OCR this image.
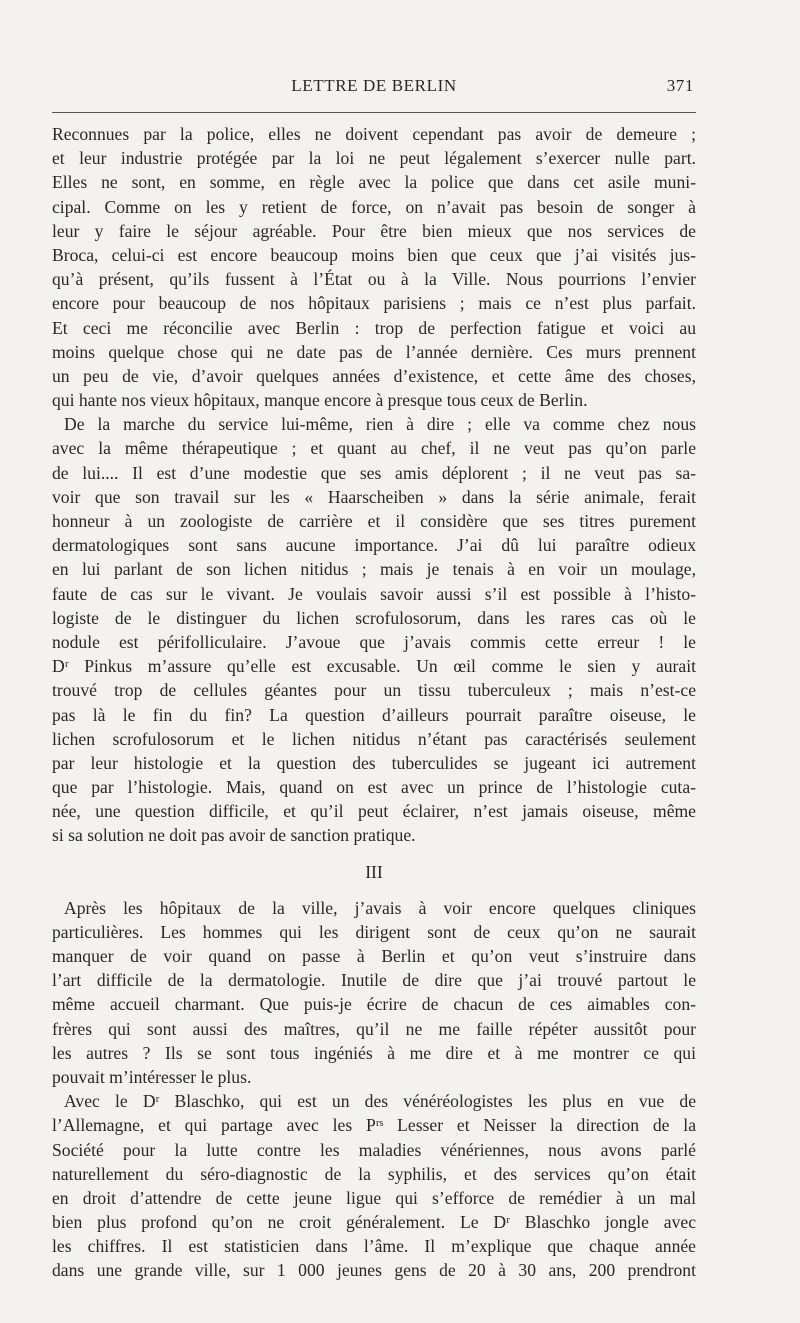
LETTRE DE BERLIN	371
Reconnues par la police, elles ne doivent cependant pas avoir de demeure ;
et leur industrie protégée par la loi ne peut légalement s’exercer nulle part.
Elles ne sont, en somme, en règle avec la police que dans cet asile muni-
cipal. Comme on les y retient de force, on n’avait pas besoin de songer à
leur y faire le séjour agréable. Pour être bien mieux que nos services de
Broca, celui-ci est encore beaucoup moins bien que ceux que j’ai visités jus-
qu’à présent, qu’ils fussent à l’État ou à la Ville. Nous pourrions l’envier
encore pour beaucoup de nos hôpitaux parisiens ; mais ce n’est plus parfait.
Et ceci me réconcilie avec Berlin : trop de perfection fatigue et voici au
moins quelque chose qui ne date pas de l’année dernière. Ces murs prennent
un peu de vie, d’avoir quelques années d’existence, et cette âme des choses,
qui hante nos vieux hôpitaux, manque encore à presque tous ceux de Berlin.
De la marche du service lui-même, rien à dire ; elle va comme chez nous
avec la même thérapeutique ; et quant au chef, il ne veut pas qu’on parle
de lui.... Il est d’une modestie que ses amis déplorent ; il ne veut pas sa-
voir que son travail sur les « Haarscheiben » dans la série animale, ferait
honneur à un zoologiste de carrière et il considère que ses titres purement
dermatologiques sont sans aucune importance. J’ai dû lui paraître odieux
en lui parlant de son lichen nitidus ; mais je tenais à en voir un moulage,
faute de cas sur le vivant. Je voulais savoir aussi s’il est possible à l’histo-
logiste de le distinguer du lichen scrofulosorum, dans les rares cas où le
nodule est périfolliculaire. J’avoue que j’avais commis cette erreur ! le
Dʳ Pinkus m’assure qu’elle est excusable. Un œil comme le sien y aurait
trouvé trop de cellules géantes pour un tissu tuberculeux ; mais n’est-ce
pas là le fin du fin? La question d’ailleurs pourrait paraître oiseuse, le
lichen scrofulosorum et le lichen nitidus n’étant pas caractérisés seulement
par leur histologie et la question des tuberculides se jugeant ici autrement
que par l’histologie. Mais, quand on est avec un prince de l’histologie cuta-
née, une question difficile, et qu’il peut éclairer, n’est jamais oiseuse, même
si sa solution ne doit pas avoir de sanction pratique.
III
Après les hôpitaux de la ville, j’avais à voir encore quelques cliniques
particulières. Les hommes qui les dirigent sont de ceux qu’on ne saurait
manquer de voir quand on passe à Berlin et qu’on veut s’instruire dans
l’art difficile de la dermatologie. Inutile de dire que j’ai trouvé partout le
même accueil charmant. Que puis-je écrire de chacun de ces aimables con-
frères qui sont aussi des maîtres, qu’il ne me faille répéter aussitôt pour
les autres ? Ils se sont tous ingéniés à me dire et à me montrer ce qui
pouvait m’intéresser le plus.
Avec le Dʳ Blaschko, qui est un des vénéréologistes les plus en vue de
l’Allemagne, et qui partage avec les Pʳˢ Lesser et Neisser la direction de la
Société pour la lutte contre les maladies vénériennes, nous avons parlé
naturellement du séro-diagnostic de la syphilis, et des services qu’on était
en droit d’attendre de cette jeune ligue qui s’efforce de remédier à un mal
bien plus profond qu’on ne croit généralement. Le Dʳ Blaschko jongle avec
les chiffres. Il est statisticien dans l’âme. Il m’explique que chaque année
dans une grande ville, sur 1 000 jeunes gens de 20 à 30 ans, 200 prendront
